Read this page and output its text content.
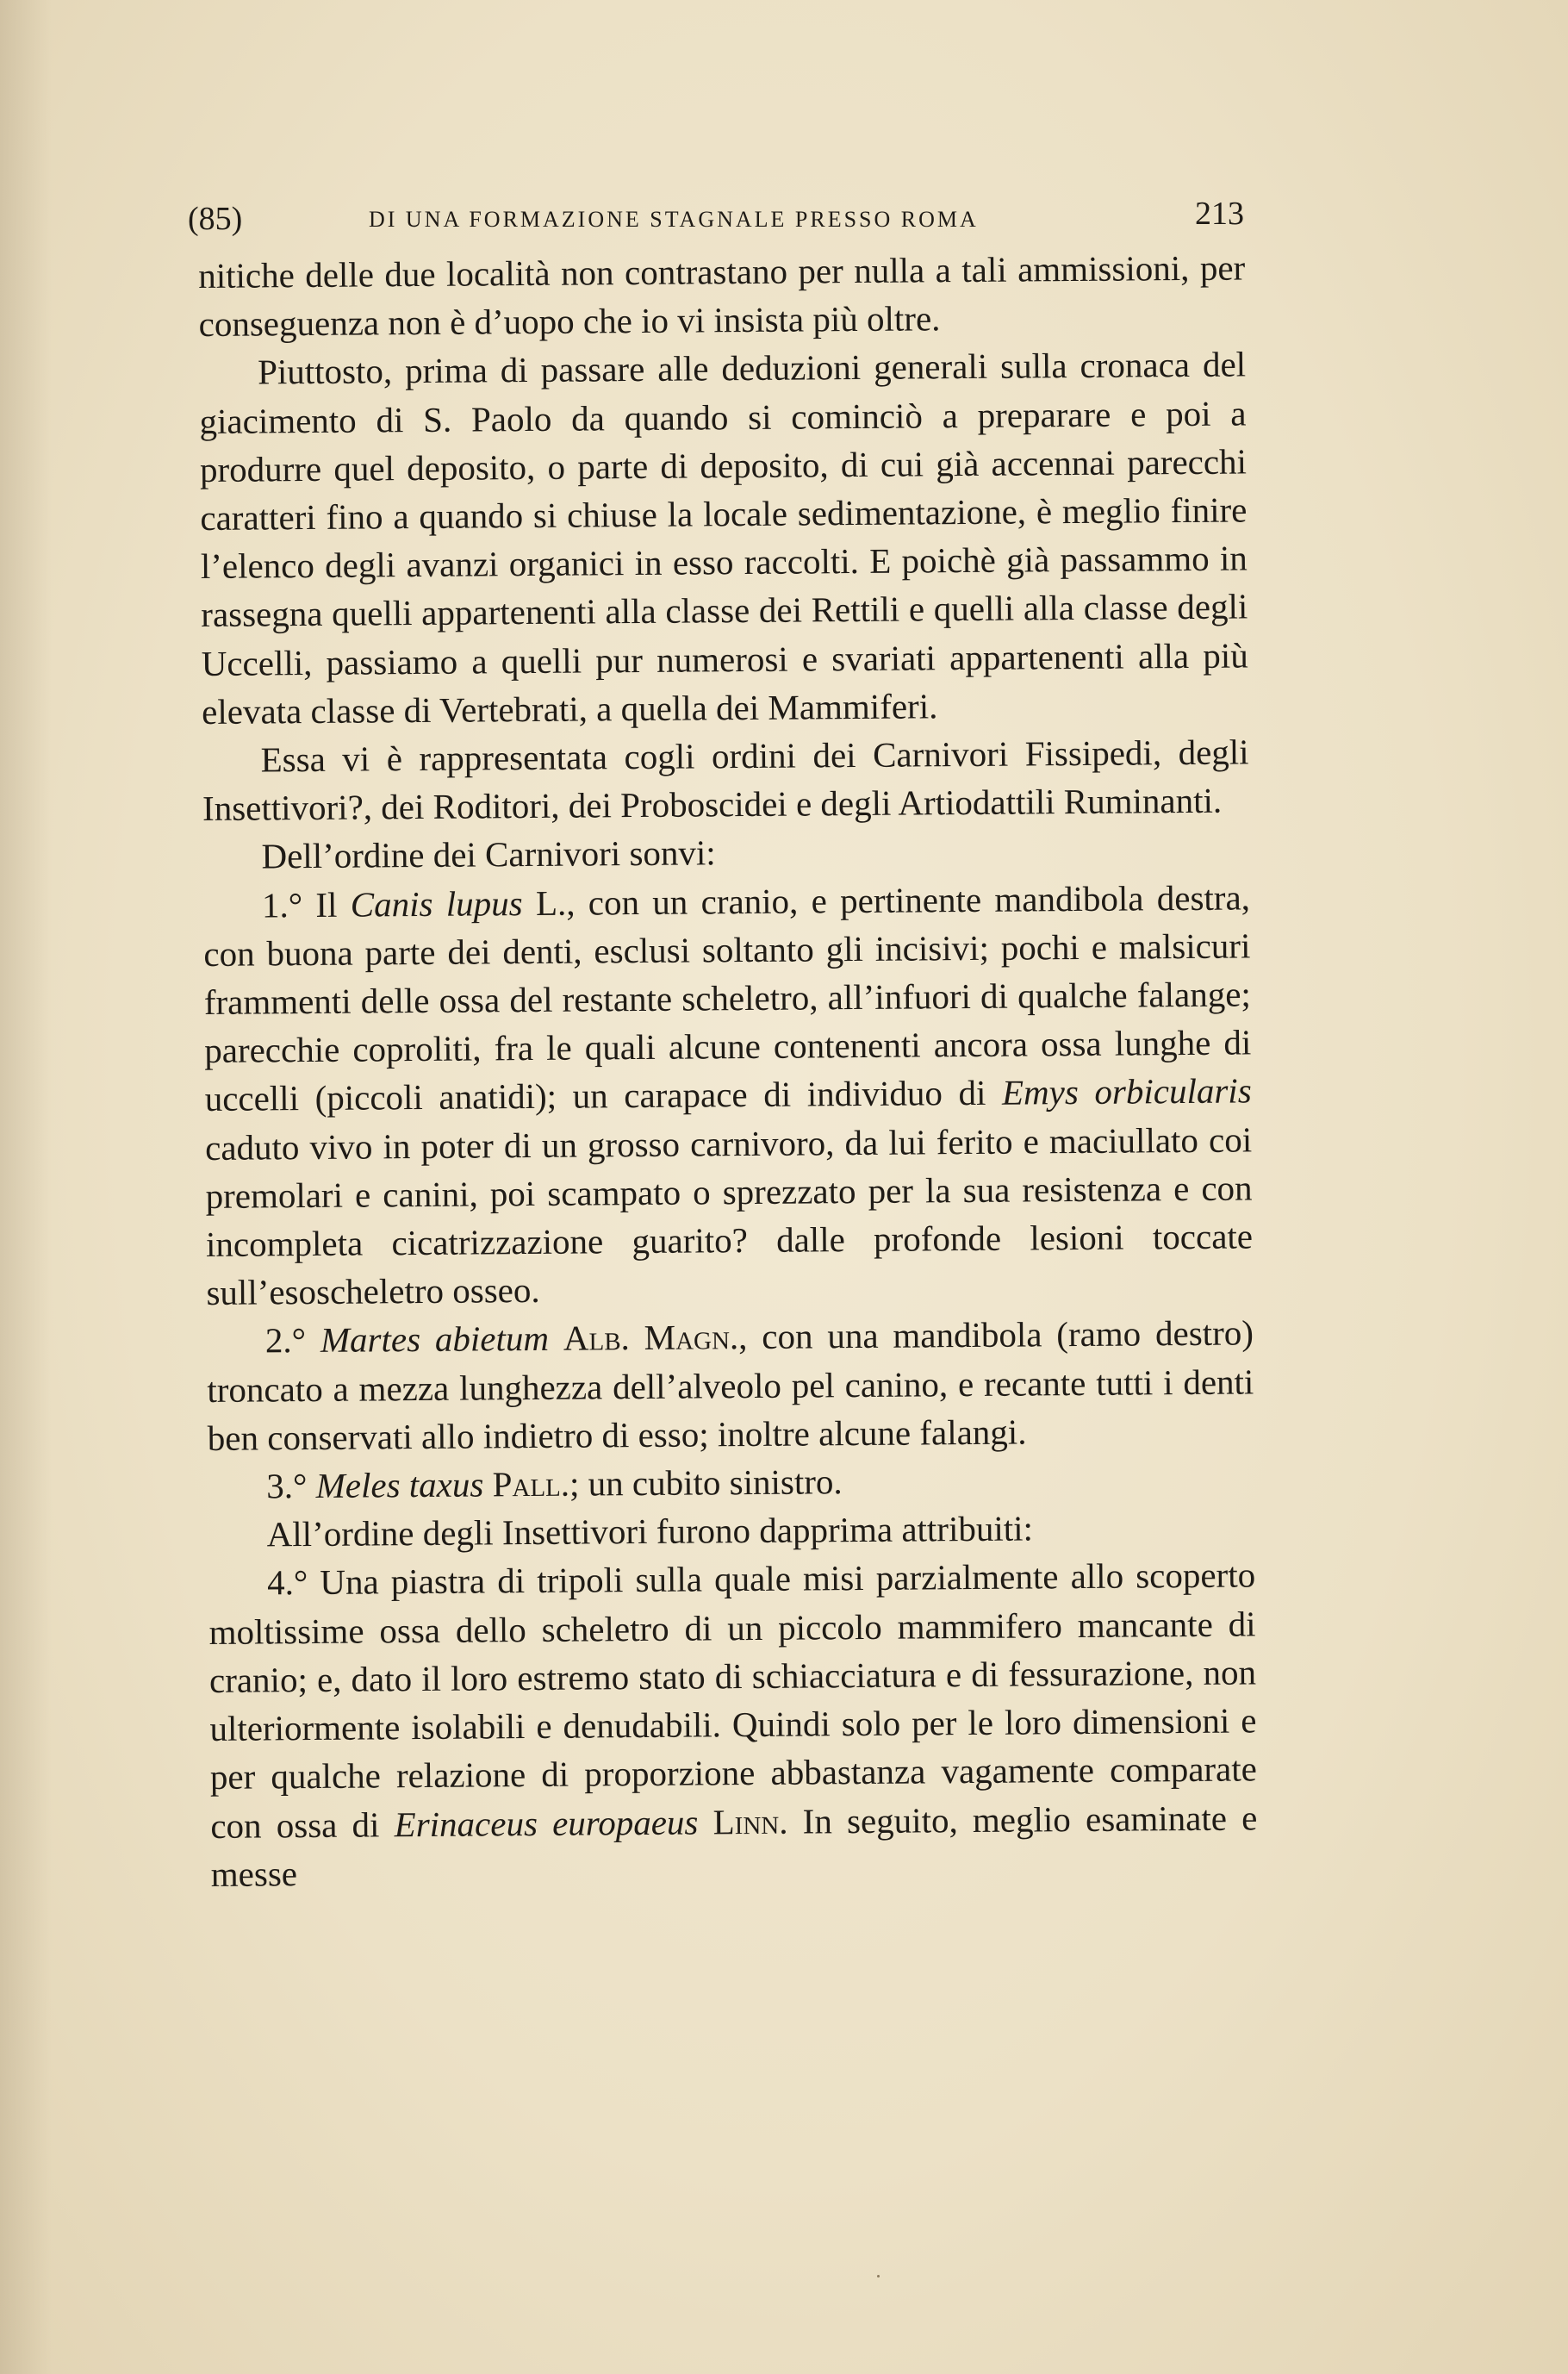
(85)	DI UNA FORMAZIONE STAGNALE PRESSO ROMA	213

nitiche delle due località non contrastano per nulla a tali ammissioni, per conseguenza non è d’uopo che io vi insista più oltre.

Piuttosto, prima di passare alle deduzioni generali sulla cronaca del giacimento di S. Paolo da quando si cominciò a preparare e poi a produrre quel deposito, o parte di deposito, di cui già accennai parecchi caratteri fino a quando si chiuse la locale sedimentazione, è meglio finire l’elenco degli avanzi organici in esso raccolti. E poichè già passammo in rassegna quelli appartenenti alla classe dei Rettili e quelli alla classe degli Uccelli, passiamo a quelli pur numerosi e svariati appartenenti alla più elevata classe di Vertebrati, a quella dei Mammiferi.

Essa vi è rappresentata cogli ordini dei Carnivori Fissipedi, degli Insettivori?, dei Roditori, dei Proboscidei e degli Artiodattili Ruminanti.

Dell’ordine dei Carnivori sonvi:

1.° Il Canis lupus L., con un cranio, e pertinente mandibola destra, con buona parte dei denti, esclusi soltanto gli incisivi; pochi e malsicuri frammenti delle ossa del restante scheletro, all’infuori di qualche falange; parecchie coproliti, fra le quali alcune contenenti ancora ossa lunghe di uccelli (piccoli anatidi); un carapace di individuo di Emys orbicularis caduto vivo in poter di un grosso carnivoro, da lui ferito e maciullato coi premolari e canini, poi scampato o sprezzato per la sua resistenza e con incompleta cicatrizzazione guarito? dalle profonde lesioni toccate sull’esoscheletro osseo.

2.° Martes abietum Alb. Magn., con una mandibola (ramo destro) troncato a mezza lunghezza dell’alveolo pel canino, e recante tutti i denti ben conservati allo indietro di esso; inoltre alcune falangi.

3.° Meles taxus Pall.; un cubito sinistro.

All’ordine degli Insettivori furono dapprima attribuiti:

4.° Una piastra di tripoli sulla quale misi parzialmente allo scoperto moltissime ossa dello scheletro di un piccolo mammifero mancante di cranio; e, dato il loro estremo stato di schiacciatura e di fessurazione, non ulteriormente isolabili e denudabili. Quindi solo per le loro dimensioni e per qualche relazione di proporzione abbastanza vagamente comparate con ossa di Erinaceus europaeus Linn. In seguito, meglio esaminate e messe
